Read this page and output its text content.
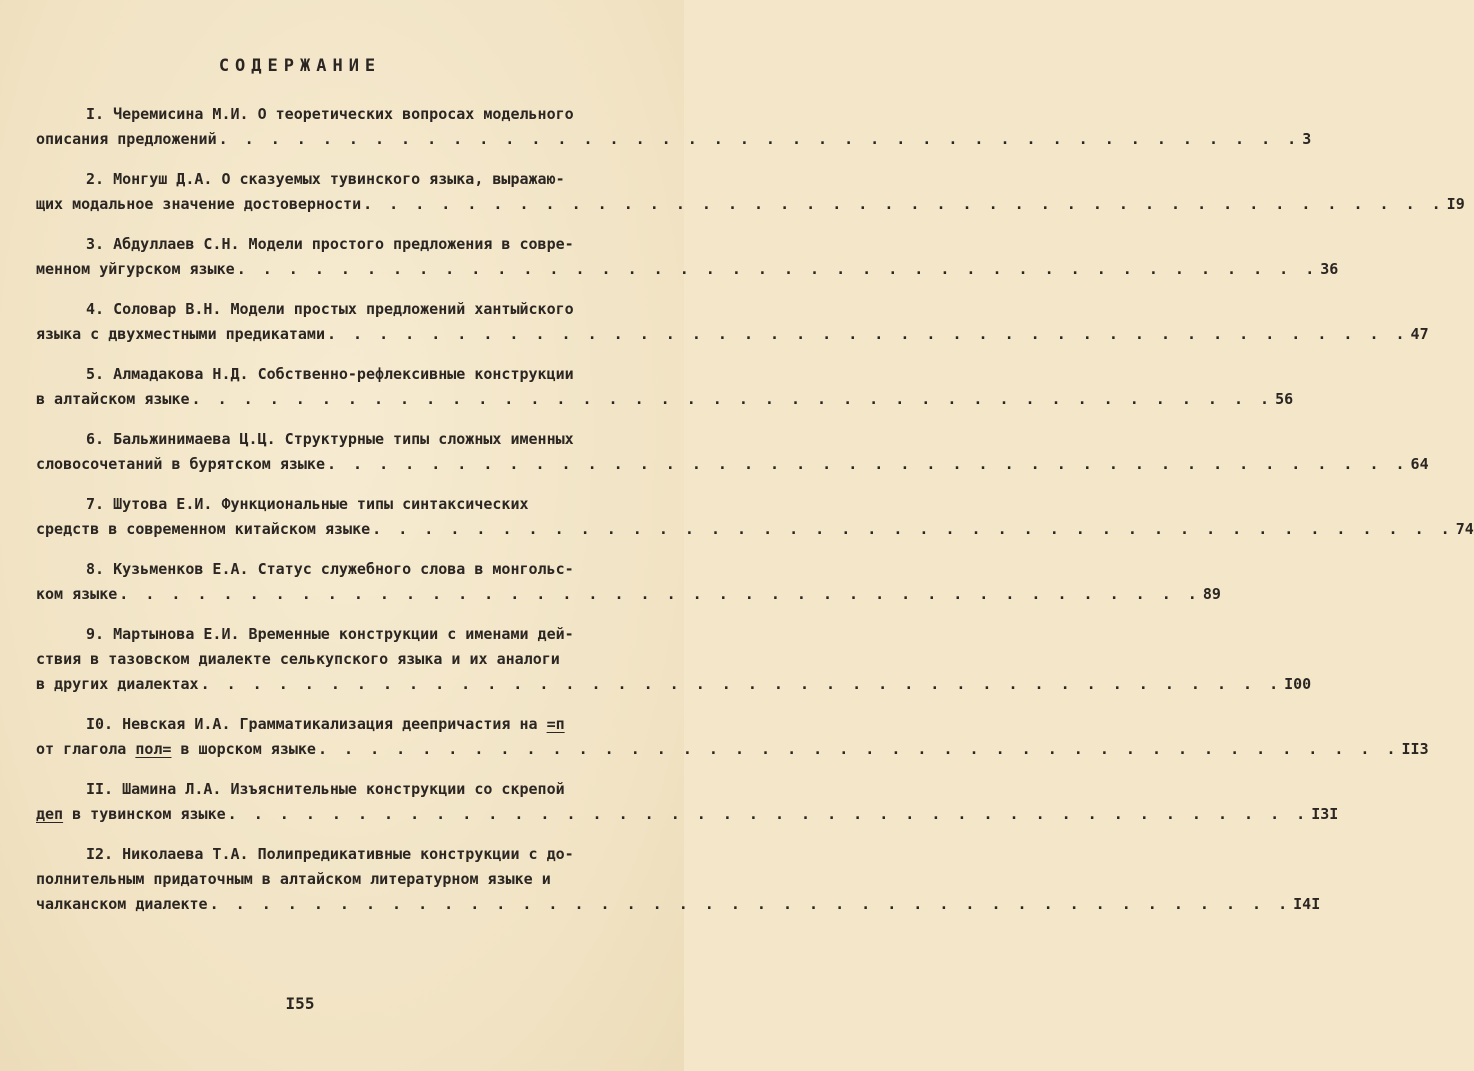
СОДЕРЖАНИЕ
I. Черемисина М.И. О теоретических вопросах модельного
описания предложений . . . . . . . . . . . . . . . . . . . . . . . . . . . . . . . . . . . . . . . . . . 3
2. Монгуш Д.А. О сказуемых тувинского языка, выражаю-
щих модальное значение достоверности . . . . . . . . . . . . . . . . . . . . . . . . . . . . . . . . . . . . . . . . . . I9
3. Абдуллаев С.Н. Модели простого предложения в совре-
менном уйгурском языке . . . . . . . . . . . . . . . . . . . . . . . . . . . . . . . . . . . . . . . . . . 36
4. Соловар В.Н. Модели простых предложений хантыйского
языка с двухместными предикатами . . . . . . . . . . . . . . . . . . . . . . . . . . . . . . . . . . . . . . . . . . 47
5. Алмадакова Н.Д. Собственно-рефлексивные конструкции
в алтайском языке . . . . . . . . . . . . . . . . . . . . . . . . . . . . . . . . . . . . . . . . . . 56
6. Бальжинимаева Ц.Ц. Структурные типы сложных именных
словосочетаний в бурятском языке . . . . . . . . . . . . . . . . . . . . . . . . . . . . . . . . . . . . . . . . . . 64
7. Шутова Е.И. Функциональные типы синтаксических
средств в современном китайском языке . . . . . . . . . . . . . . . . . . . . . . . . . . . . . . . . . . . . . . . . . . 74
8. Кузьменков Е.А. Статус служебного слова в монгольс-
ком языке . . . . . . . . . . . . . . . . . . . . . . . . . . . . . . . . . . . . . . . . . . 89
9. Мартынова Е.И. Временные конструкции с именами дей-
ствия в тазовском диалекте селькупского языка и их аналоги
в других диалектах . . . . . . . . . . . . . . . . . . . . . . . . . . . . . . . . . . . . . . . . . . I00
I0. Невская И.А. Грамматикализация деепричастия на =п
от глагола пол= в шорском языке . . . . . . . . . . . . . . . . . . . . . . . . . . . . . . . . . . . . . . . . . . II3
II. Шамина Л.А. Изъяснительные конструкции со скрепой
деп в тувинском языке . . . . . . . . . . . . . . . . . . . . . . . . . . . . . . . . . . . . . . . . . . I3I
I2. Николаева Т.А. Полипредикативные конструкции с до-
полнительным придаточным в алтайском литературном языке и
чалканском диалекте . . . . . . . . . . . . . . . . . . . . . . . . . . . . . . . . . . . . . . . . . . I4I
I55
